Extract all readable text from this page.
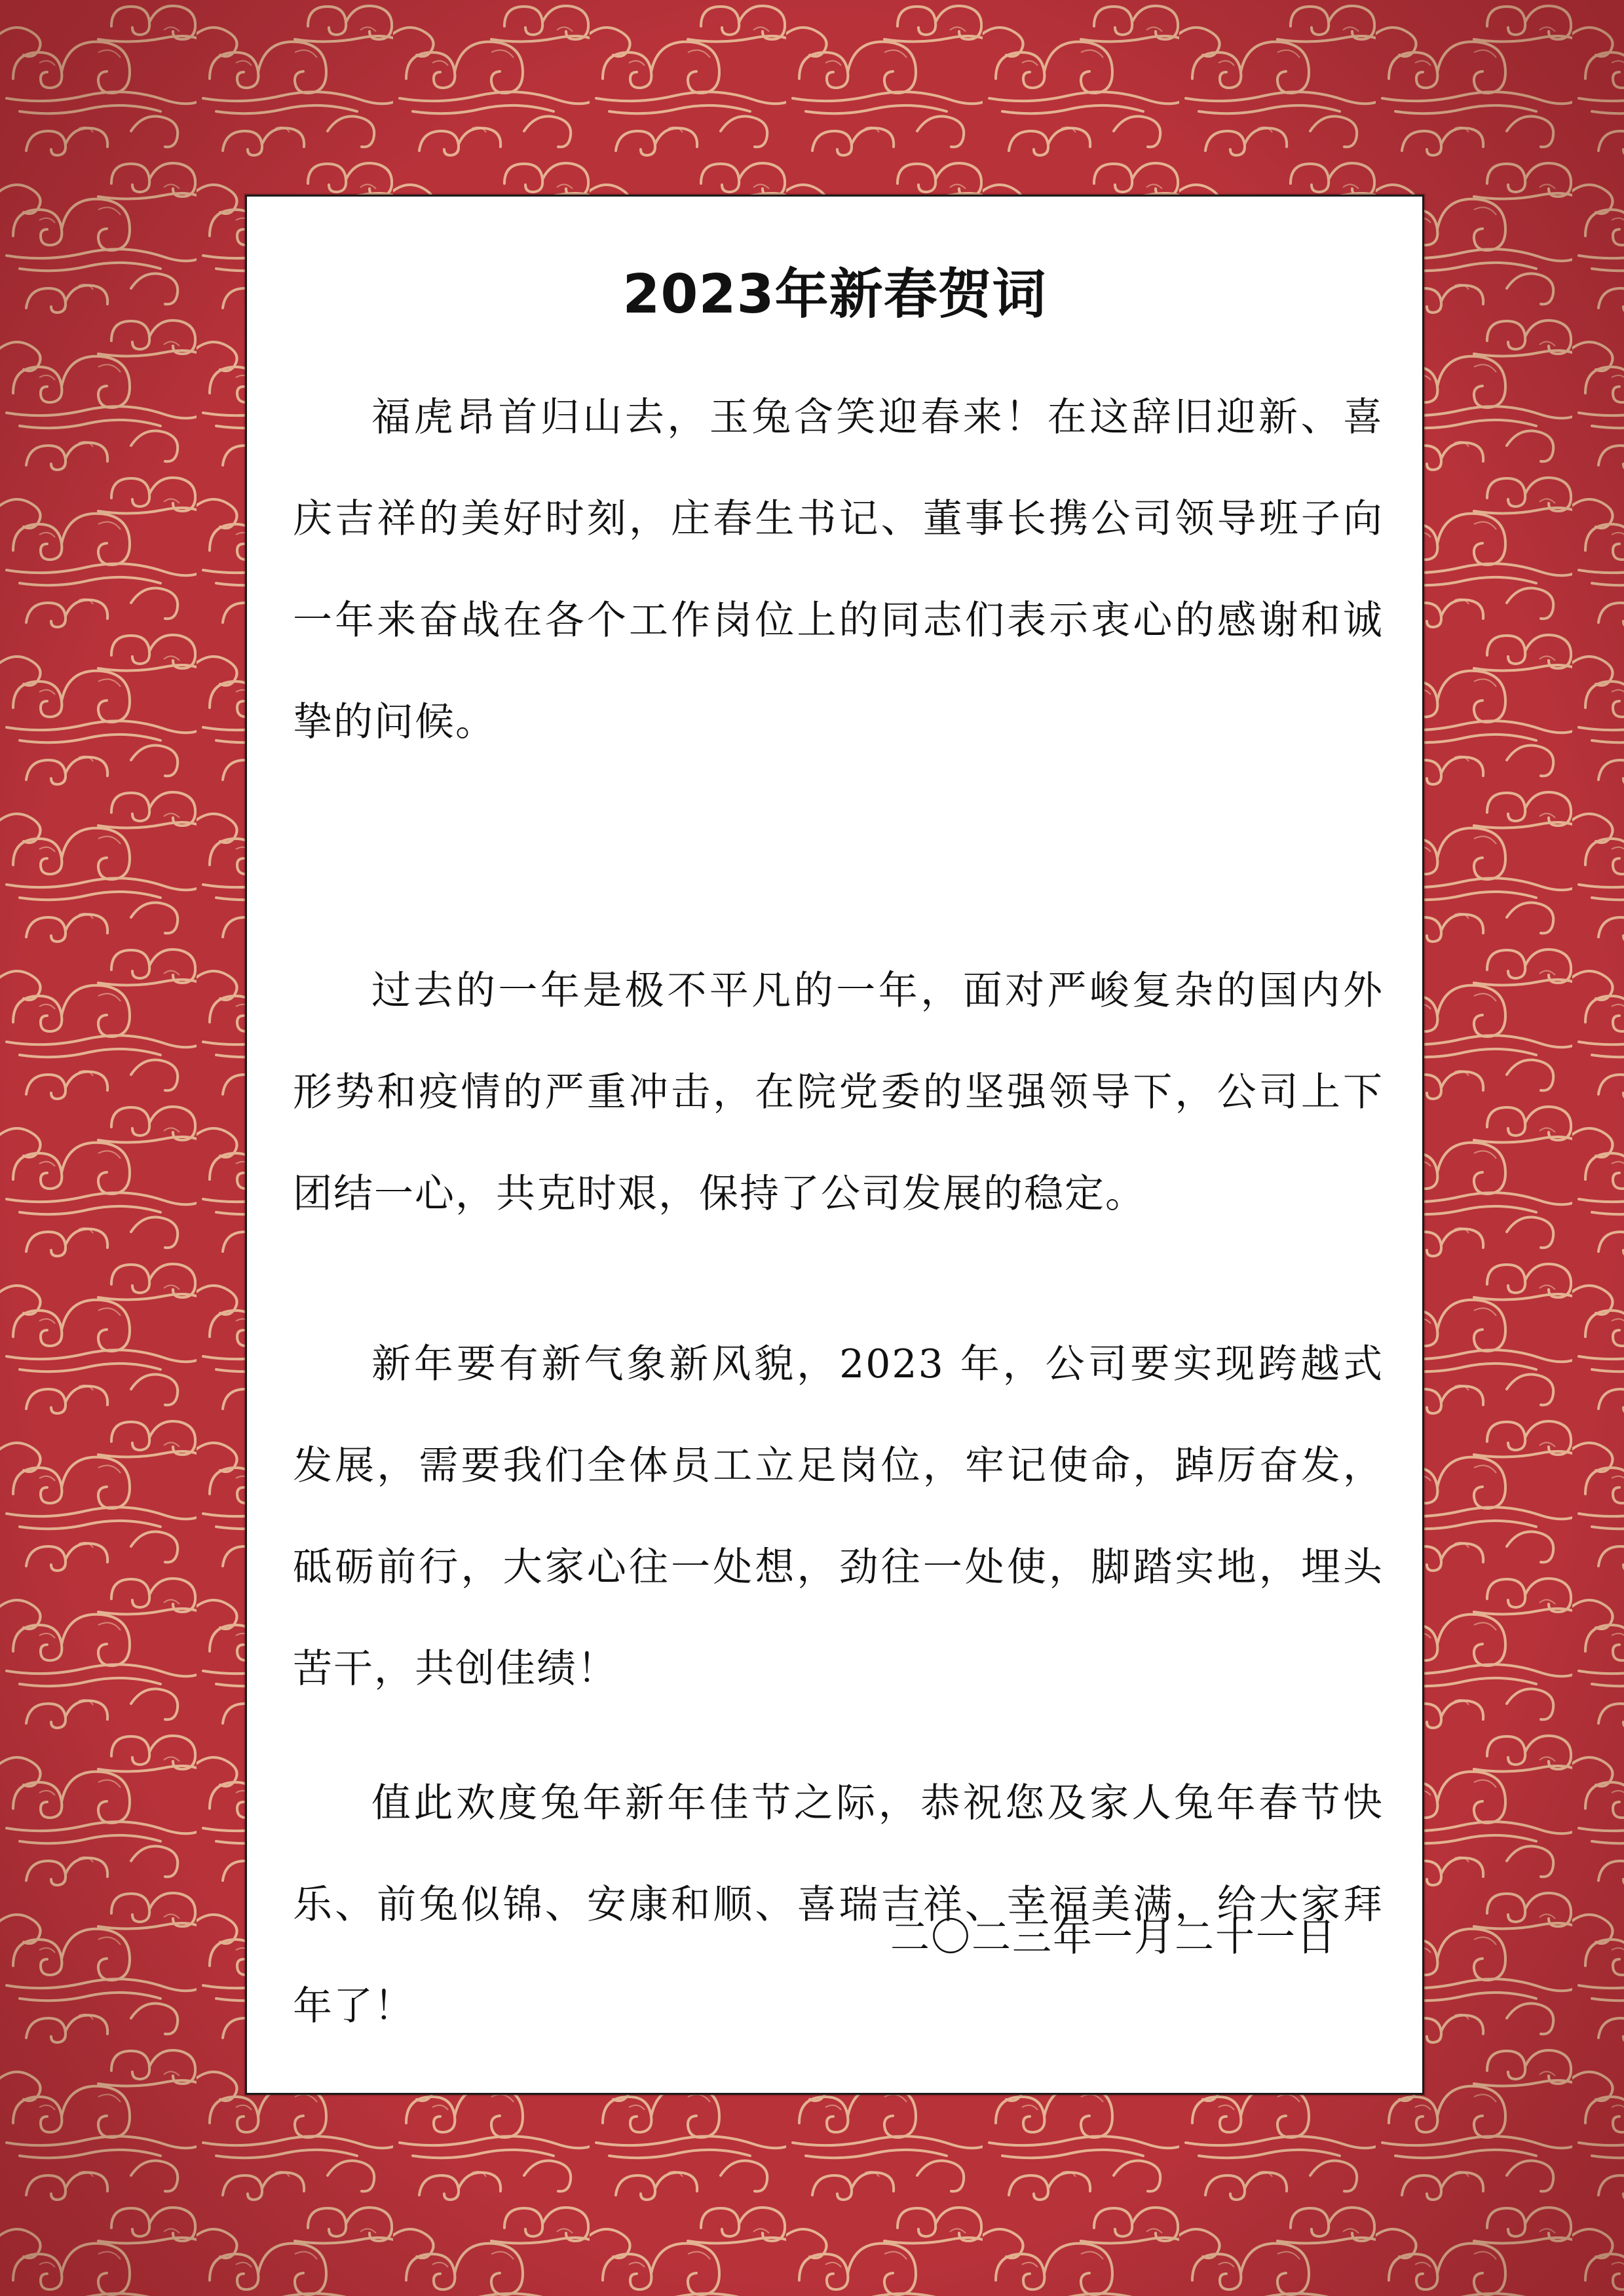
2023年新春贺词

福虎昂首归山去，玉兔含笑迎春来！在这辞旧迎新、喜庆吉祥的美好时刻，庄春生书记、董事长携公司领导班子向一年来奋战在各个工作岗位上的同志们表示衷心的感谢和诚挚的问候。

过去的一年是极不平凡的一年，面对严峻复杂的国内外形势和疫情的严重冲击，在院党委的坚强领导下，公司上下团结一心，共克时艰，保持了公司发展的稳定。

新年要有新气象新风貌，2023 年，公司要实现跨越式发展，需要我们全体员工立足岗位，牢记使命，踔厉奋发，砥砺前行，大家心往一处想，劲往一处使，脚踏实地，埋头苦干，共创佳绩！

值此欢度兔年新年佳节之际，恭祝您及家人兔年春节快乐、前兔似锦、安康和顺、喜瑞吉祥、幸福美满，给大家拜年了！

二〇二三年一月二十一日
